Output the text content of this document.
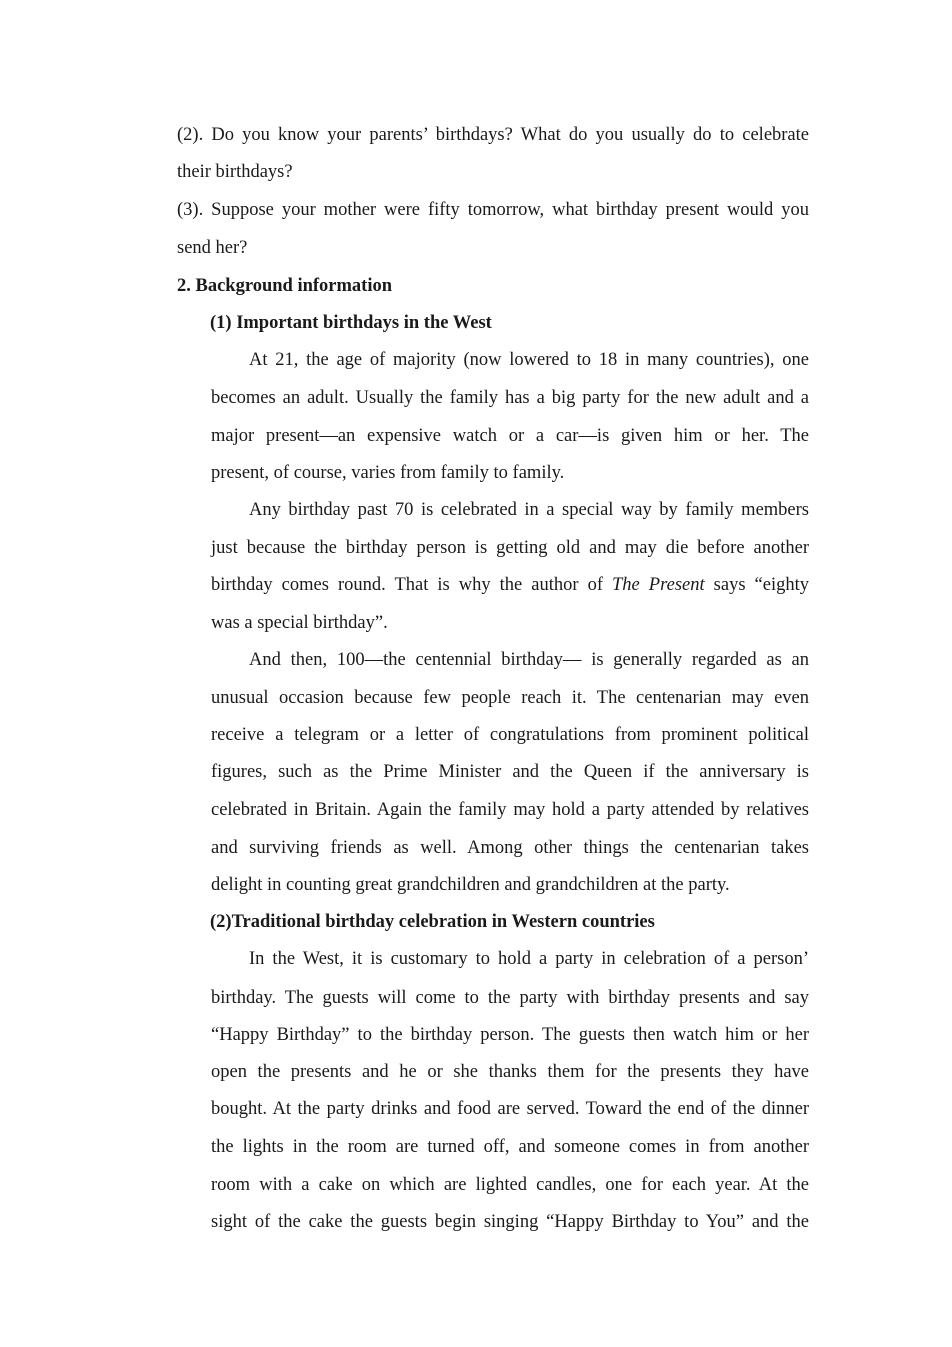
(2). Do you know your parents’ birthdays? What do you usually do to celebrate
their birthdays?
(3). Suppose your mother were fifty tomorrow, what birthday present would you
send her?
2. Background information
(1) Important birthdays in the West
At 21, the age of majority (now lowered to 18 in many countries), one
becomes an adult. Usually the family has a big party for the new adult and a
major present—an expensive watch or a car—is given him or her. The
present, of course, varies from family to family.
Any birthday past 70 is celebrated in a special way by family members
just because the birthday person is getting old and may die before another
birthday comes round. That is why the author of The Present says “eighty
was a special birthday”.
And then, 100—the centennial birthday— is generally regarded as an
unusual occasion because few people reach it. The centenarian may even
receive a telegram or a letter of congratulations from prominent political
figures, such as the Prime Minister and the Queen if the anniversary is
celebrated in Britain. Again the family may hold a party attended by relatives
and surviving friends as well. Among other things the centenarian takes
delight in counting great grandchildren and grandchildren at the party.
(2)Traditional birthday celebration in Western countries
In the West, it is customary to hold a party in celebration of a person’
birthday. The guests will come to the party with birthday presents and say
“Happy Birthday” to the birthday person. The guests then watch him or her
open the presents and he or she thanks them for the presents they have
bought. At the party drinks and food are served. Toward the end of the dinner
the lights in the room are turned off, and someone comes in from another
room with a cake on which are lighted candles, one for each year. At the
sight of the cake the guests begin singing “Happy Birthday to You” and the
